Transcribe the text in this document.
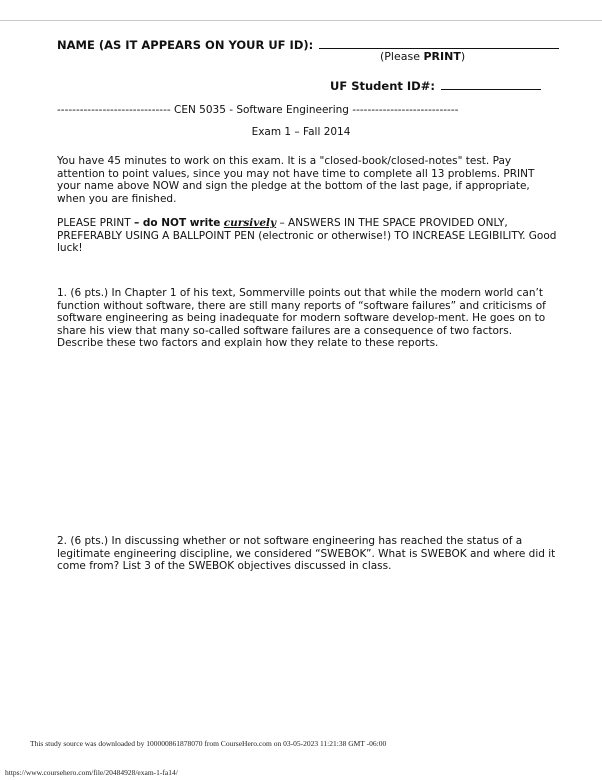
NAME (AS IT APPEARS ON YOUR UF ID):
(Please PRINT)
UF Student ID#:
------------------------------ CEN 5035 - Software Engineering ----------------------------
Exam 1 – Fall 2014
You have 45 minutes to work on this exam. It is a "closed-book/closed-notes" test. Pay attention to point values, since you may not have time to complete all 13 problems. PRINT your name above NOW and sign the pledge at the bottom of the last page, if appropriate, when you are finished.
PLEASE PRINT – do NOT write cursively – ANSWERS IN THE SPACE PROVIDED ONLY, PREFERABLY USING A BALLPOINT PEN (electronic or otherwise!) TO INCREASE LEGIBILITY. Good luck!
1. (6 pts.) In Chapter 1 of his text, Sommerville points out that while the modern world can’t function without software, there are still many reports of “software failures” and criticisms of software engineering as being inadequate for modern software develop-ment. He goes on to share his view that many so-called software failures are a consequence of two factors. Describe these two factors and explain how they relate to these reports.
2. (6 pts.) In discussing whether or not software engineering has reached the status of a legitimate engineering discipline, we considered “SWEBOK”. What is SWEBOK and where did it come from? List 3 of the SWEBOK objectives discussed in class.
This study source was downloaded by 100000861878070 from CourseHero.com on 03-05-2023 11:21:38 GMT -06:00
https://www.coursehero.com/file/20484928/exam-1-fa14/
